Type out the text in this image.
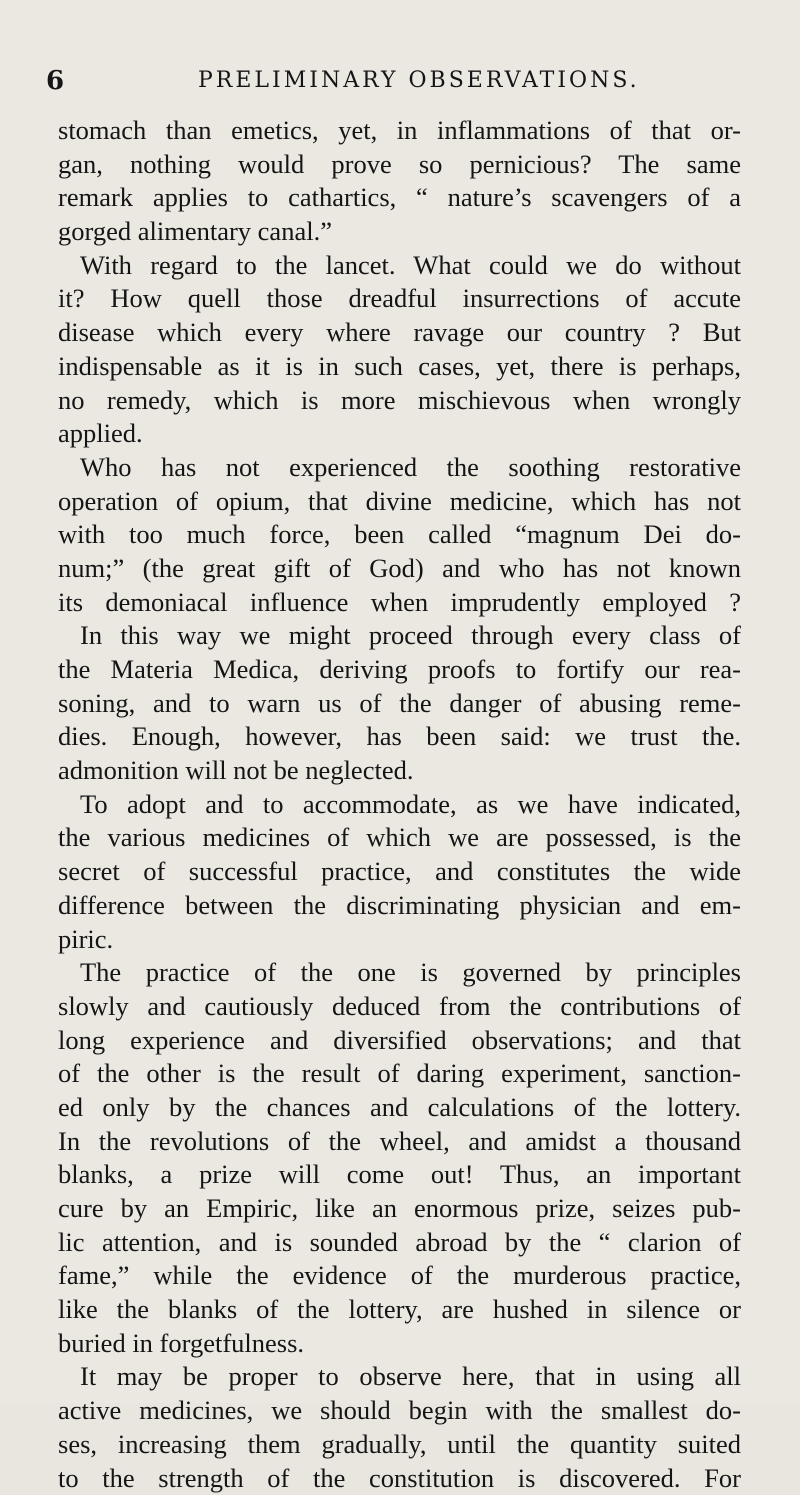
6	PRELIMINARY OBSERVATIONS.
stomach than emetics, yet, in inflammations of that or-
gan, nothing would prove so pernicious? The same
remark applies to cathartics, “ nature’s scavengers of a
gorged alimentary canal.”
With regard to the lancet. What could we do without
it? How quell those dreadful insurrections of accute
disease which every where ravage our country ? But
indispensable as it is in such cases, yet, there is perhaps,
no remedy, which is more mischievous when wrongly
applied.
Who has not experienced the soothing restorative
operation of opium, that divine medicine, which has not
with too much force, been called “magnum Dei do-
num;” (the great gift of God) and who has not known
its demoniacal influence when imprudently employed ?
In this way we might proceed through every class of
the Materia Medica, deriving proofs to fortify our rea-
soning, and to warn us of the danger of abusing reme-
dies. Enough, however, has been said: we trust the.
admonition will not be neglected.
To adopt and to accommodate, as we have indicated,
the various medicines of which we are possessed, is the
secret of successful practice, and constitutes the wide
difference between the discriminating physician and em-
piric.
The practice of the one is governed by principles
slowly and cautiously deduced from the contributions of
long experience and diversified observations; and that
of the other is the result of daring experiment, sanction-
ed only by the chances and calculations of the lottery.
In the revolutions of the wheel, and amidst a thousand
blanks, a prize will come out! Thus, an important
cure by an Empiric, like an enormous prize, seizes pub-
lic attention, and is sounded abroad by the “ clarion of
fame,” while the evidence of the murderous practice,
like the blanks of the lottery, are hushed in silence or
buried in forgetfulness.
It may be proper to observe here, that in using all
active medicines, we should begin with the smallest do-
ses, increasing them gradually, until the quantity suited
to the strength of the constitution is discovered. For
